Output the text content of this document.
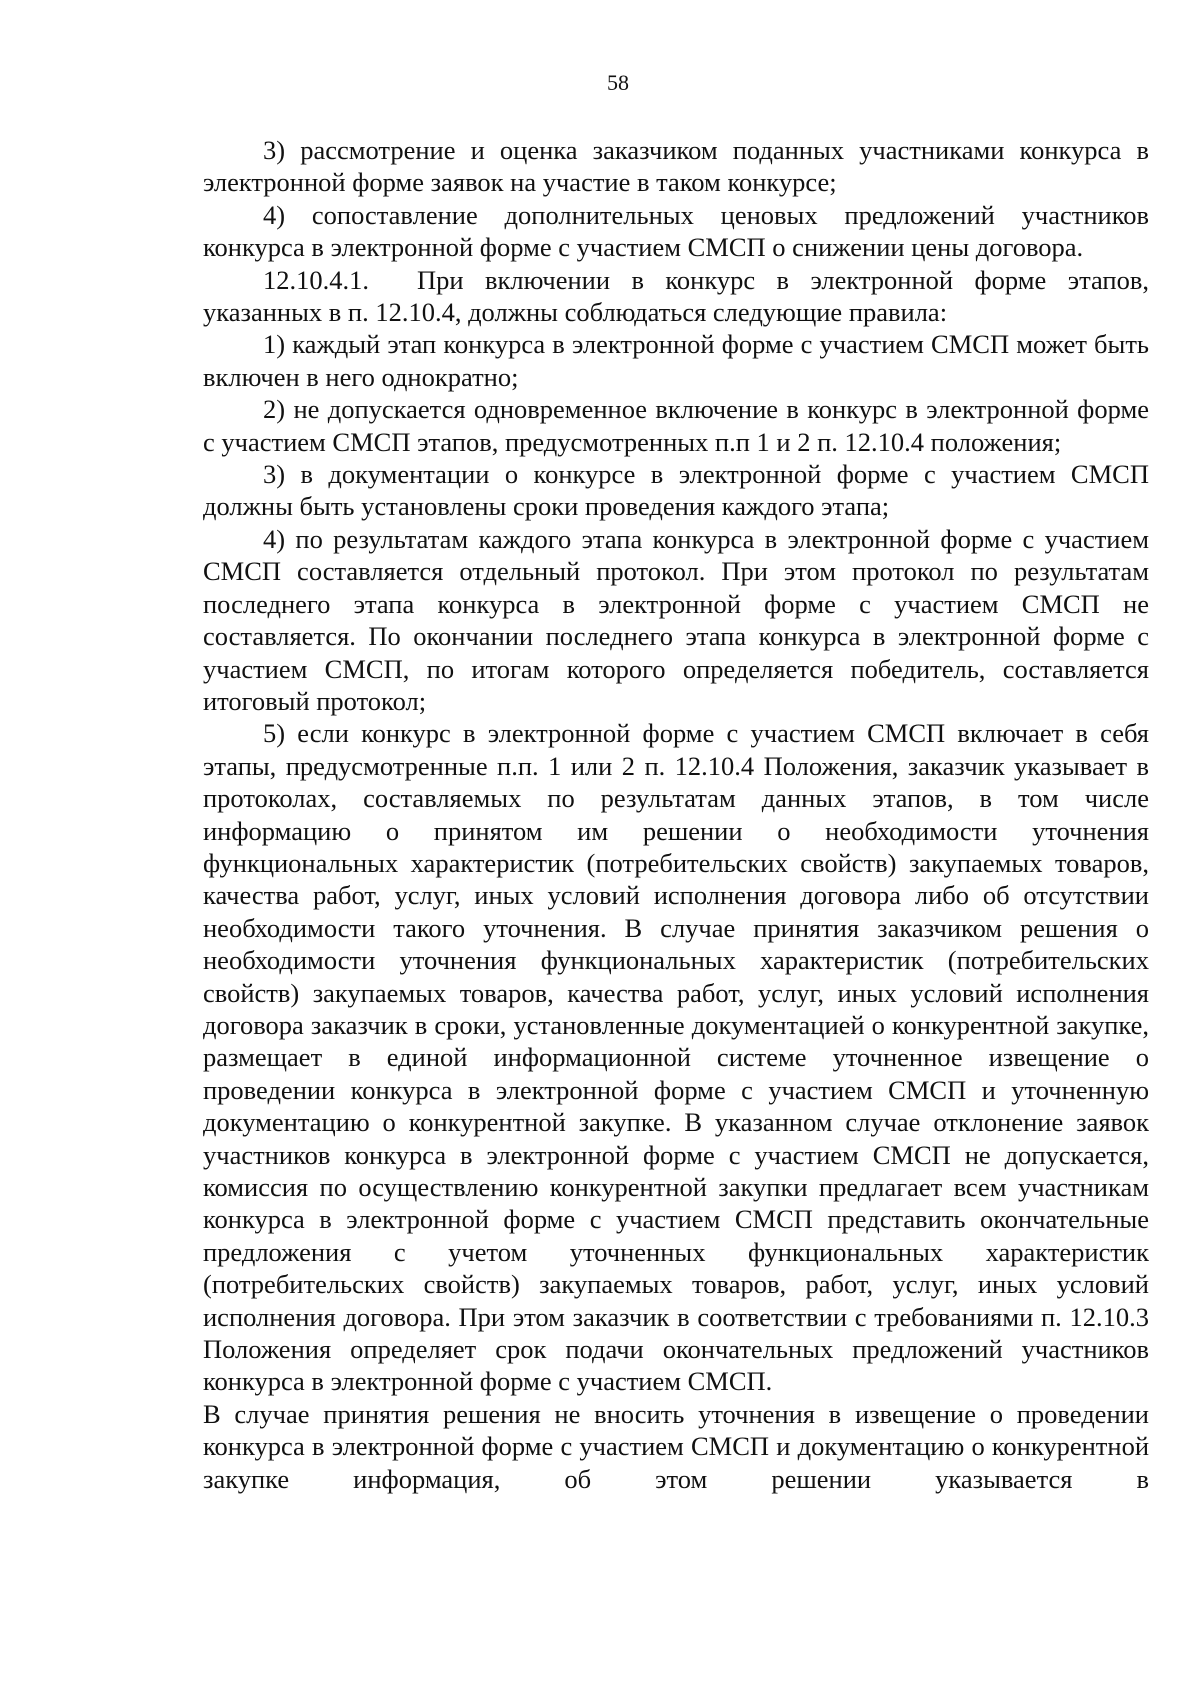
58

3) рассмотрение и оценка заказчиком поданных участниками конкурса в электронной форме заявок на участие в таком конкурсе;

4) сопоставление дополнительных ценовых предложений участников конкурса в электронной форме с участием СМСП о снижении цены договора.

12.10.4.1. При включении в конкурс в электронной форме этапов, указанных в п. 12.10.4, должны соблюдаться следующие правила:

1) каждый этап конкурса в электронной форме с участием СМСП может быть включен в него однократно;

2) не допускается одновременное включение в конкурс в электронной форме с участием СМСП этапов, предусмотренных п.п 1 и 2 п. 12.10.4 положения;

3) в документации о конкурсе в электронной форме с участием СМСП должны быть установлены сроки проведения каждого этапа;

4) по результатам каждого этапа конкурса в электронной форме с участием СМСП составляется отдельный протокол. При этом протокол по результатам последнего этапа конкурса в электронной форме с участием СМСП не составляется. По окончании последнего этапа конкурса в электронной форме с участием СМСП, по итогам которого определяется победитель, составляется итоговый протокол;

5) если конкурс в электронной форме с участием СМСП включает в себя этапы, предусмотренные п.п. 1 или 2 п. 12.10.4 Положения, заказчик указывает в протоколах, составляемых по результатам данных этапов, в том числе информацию о принятом им решении о необходимости уточнения функциональных характеристик (потребительских свойств) закупаемых товаров, качества работ, услуг, иных условий исполнения договора либо об отсутствии необходимости такого уточнения. В случае принятия заказчиком решения о необходимости уточнения функциональных характеристик (потребительских свойств) закупаемых товаров, качества работ, услуг, иных условий исполнения договора заказчик в сроки, установленные документацией о конкурентной закупке, размещает в единой информационной системе уточненное извещение о проведении конкурса в электронной форме с участием СМСП и уточненную документацию о конкурентной закупке. В указанном случае отклонение заявок участников конкурса в электронной форме с участием СМСП не допускается, комиссия по осуществлению конкурентной закупки предлагает всем участникам конкурса в электронной форме с участием СМСП представить окончательные предложения с учетом уточненных функциональных характеристик (потребительских свойств) закупаемых товаров, работ, услуг, иных условий исполнения договора. При этом заказчик в соответствии с требованиями п. 12.10.3 Положения определяет срок подачи окончательных предложений участников конкурса в электронной форме с участием СМСП.

В случае принятия решения не вносить уточнения в извещение о проведении конкурса в электронной форме с участием СМСП и документацию о конкурентной закупке информация, об этом решении указывается в
